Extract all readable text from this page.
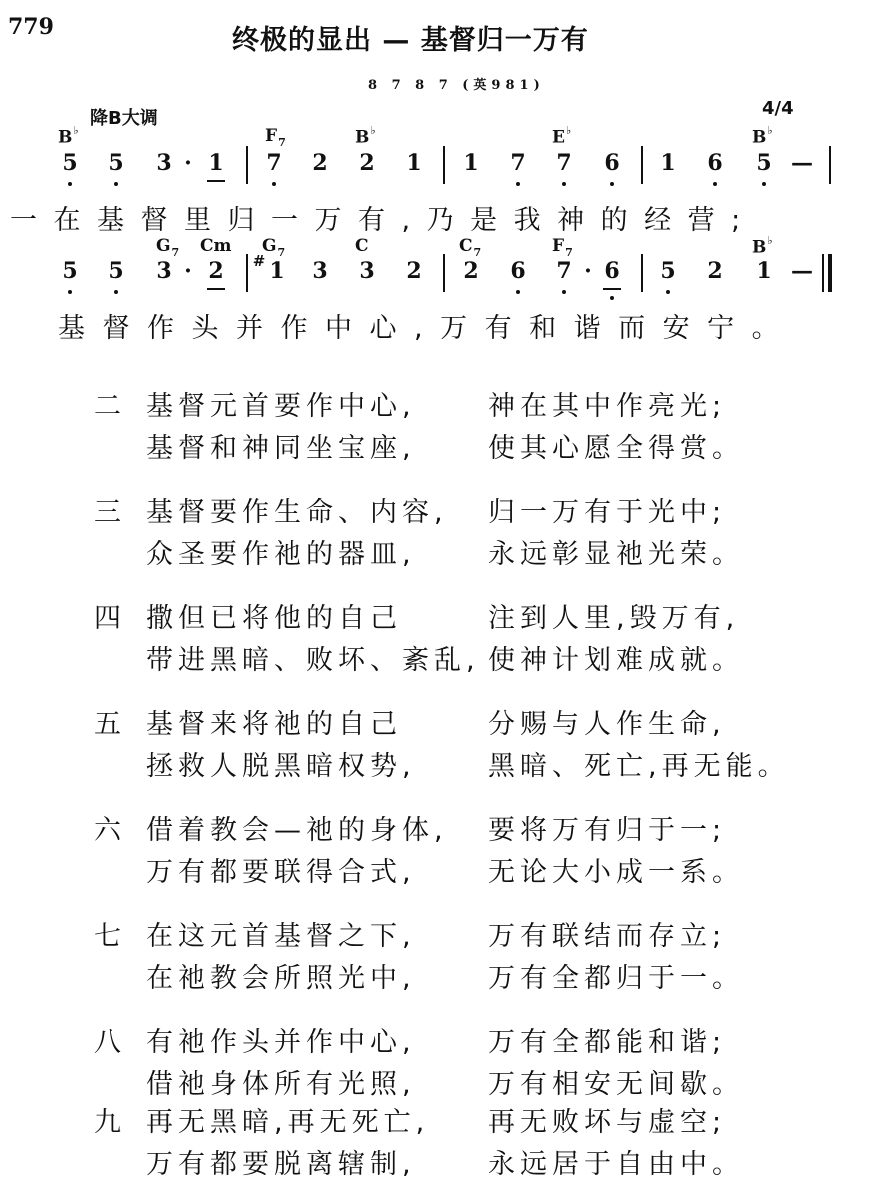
779	终极的显出 — 基督归一万有
8 7 8 7 (英981)
降B大调	4/4
B♭	$F_7$	B♭	E♭	B♭
5 5 3 · 1 7 2 2 1 1 7 7 6 1 6 5 —
一在基督里归一万有,乃是我神的经营;
$G_7$ Cm $G_7$	C	$C_7$	$F_7$	B♭
5 5 3 · 2 # 1 3 3 2 2 6 7 · 6 5 2 1 —
基督作头并作中心,万有和谐而安宁。
二 基督元首要作中心,	神在其中作亮光;
基督和神同坐宝座,	使其心愿全得赏。
三 基督要作生命、内容, 归一万有于光中;
众圣要作祂的器皿,	永远彰显祂光荣。
四 撒但已将他的自己	注到人里,毁万有,
带进黑暗、败坏、紊乱, 使神计划难成就。
五 基督来将祂的自己	分赐与人作生命,
拯救人脱黑暗权势,	黑暗、死亡,再无能。
六 借着教会—祂的身体, 要将万有归于一;
万有都要联得合式,	无论大小成一系。
七 在这元首基督之下,	万有联结而存立;
在祂教会所照光中,	万有全都归于一。
八 有祂作头并作中心,	万有全都能和谐;
借祂身体所有光照,	万有相安无间歇。
九 再无黑暗,再无死亡, 再无败坏与虚空;
万有都要脱离辖制,	永远居于自由中。
